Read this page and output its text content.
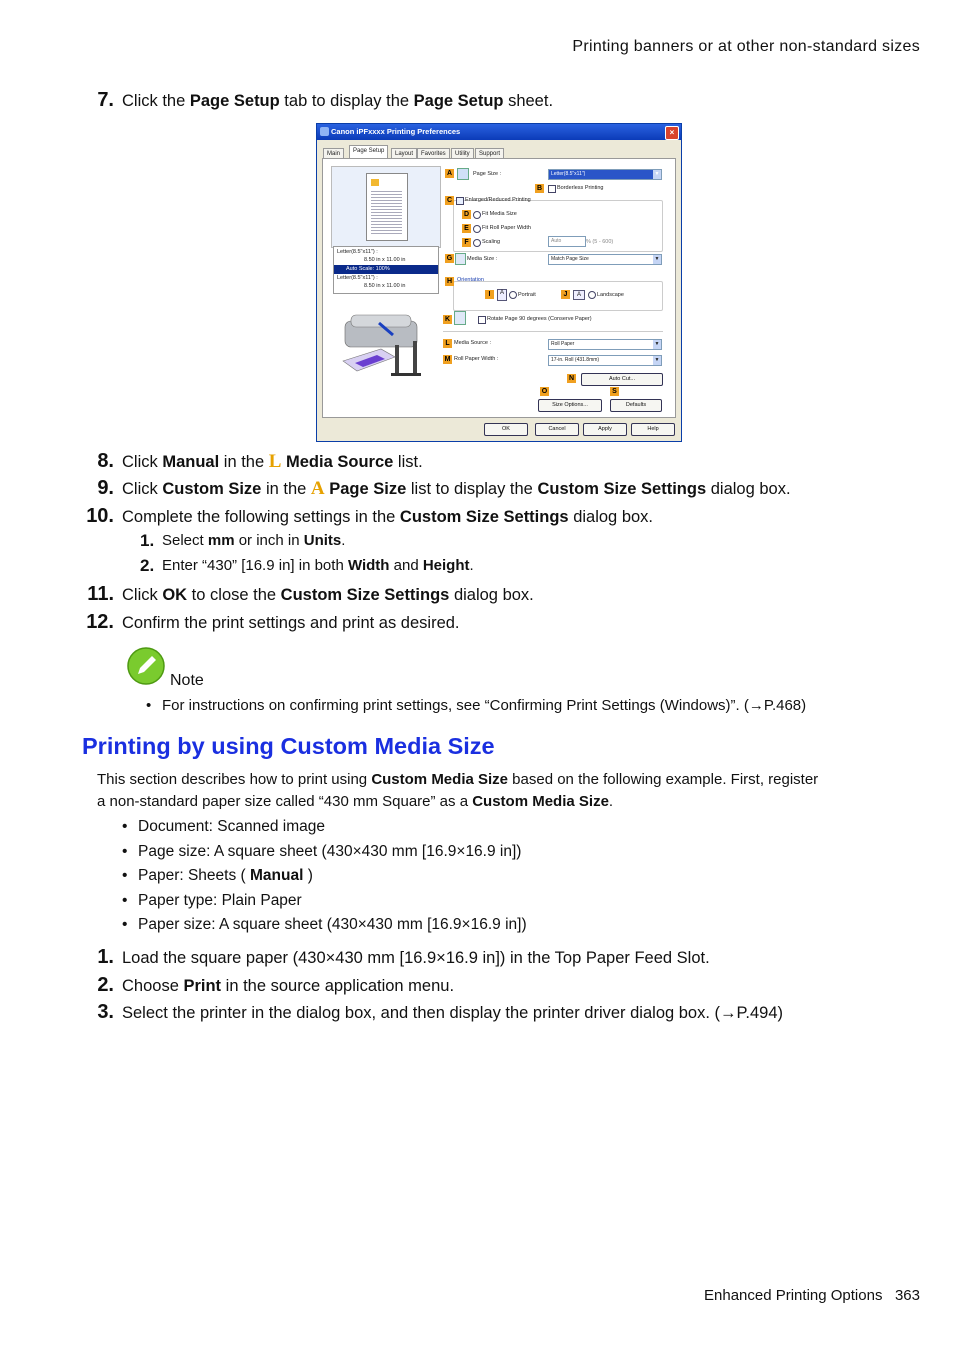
Printing banners or at other non-standard sizes
7. Click the Page Setup tab to display the Page Setup sheet.
Canon iPFxxxx Printing Preferences	×
Main	Page Setup	Layout	Favorites	Utility	Support
Letter(8.5"x11") :
8.50 in x 11.00 in
Auto Scale: 100%
Letter(8.5"x11") :
8.50 in x 11.00 in
A	Page Size :	Letter(8.5"x11")	▼
B	Borderless Printing
C	Enlarged/Reduced Printing
D	Fit Media Size
E	Fit Roll Paper Width
F	Scaling	Auto	% (5 - 600)
G	Media Size :	Match Page Size	▼
H Orientation
I	A	Portrait	J	A	Landscape
K	Rotate Page 90 degrees (Conserve Paper)
L Media Source :	Roll Paper	▼
M Roll Paper Width :	17-in. Roll (431.8mm)	▼
N	Auto Cut...
O	S
Size Options...	Defaults
OK	Cancel	Apply	Help
8. Click Manual in the L Media Source list.
9. Click Custom Size in the A Page Size list to display the Custom Size Settings dialog box.
10. Complete the following settings in the Custom Size Settings dialog box.
1. Select mm or inch in Units.
2. Enter “430” [16.9 in] in both Width and Height.
11. Click OK to close the Custom Size Settings dialog box.
12. Confirm the print settings and print as desired.
Note
• For instructions on confirming print settings, see “Confirming Print Settings (Windows)”. (→P.468)
Printing by using Custom Media Size
This section describes how to print using Custom Media Size based on the following example. First, register
a non-standard paper size called “430 mm Square” as a Custom Media Size.
• Document: Scanned image
• Page size: A square sheet (430×430 mm [16.9×16.9 in])
• Paper: Sheets ( Manual )
• Paper type: Plain Paper
• Paper size: A square sheet (430×430 mm [16.9×16.9 in])
1. Load the square paper (430×430 mm [16.9×16.9 in]) in the Top Paper Feed Slot.
2. Choose Print in the source application menu.
3. Select the printer in the dialog box, and then display the printer driver dialog box. (→P.494)
Enhanced Printing Options 363
